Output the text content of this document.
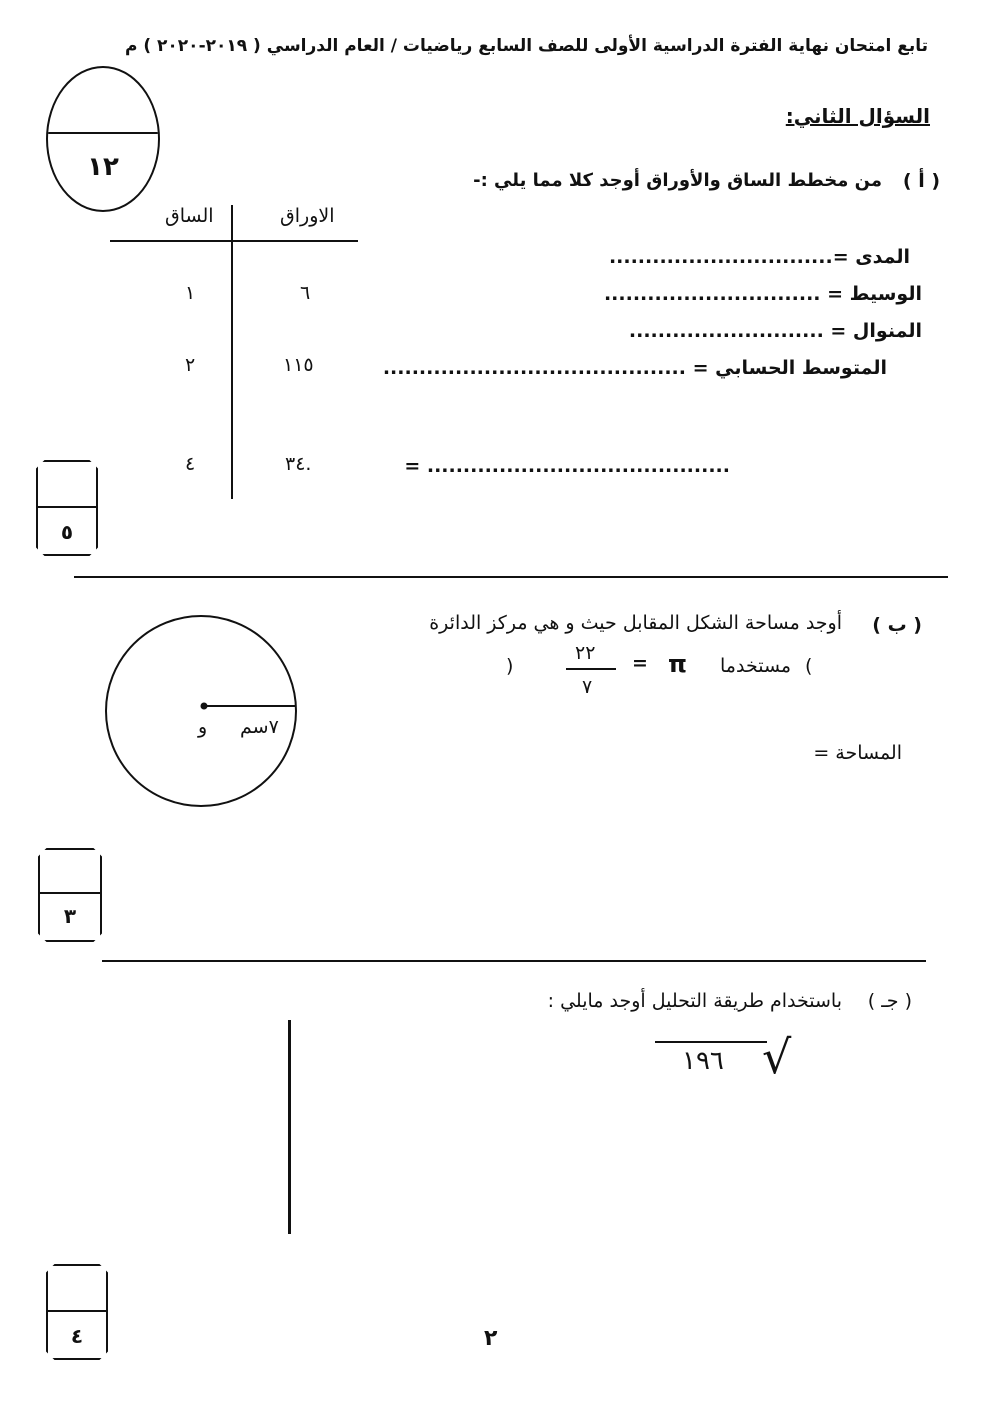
تابع امتحان نهاية الفترة الدراسية الأولى للصف السابع رياضيات / العام الدراسي ( ٢٠١٩-٢٠٢٠ ) م
١٢
السؤال الثاني:
( أ )
من مخطط الساق والأوراق أوجد كلا مما يلي :-
الاوراق
الساق
١	٦
٢	١١٥
٤	٣٤.
المدى =...............................
الوسيط = ..............................
المنوال = ...........................
المتوسط الحسابي = ..........................................
= ..........................................
٥
( ب )
أوجد مساحة الشكل المقابل حيث و هي مركز الدائرة
)
٢٢
٧
= π مستخدما (
و ٧سم
المساحة =
٣
( جـ )
باستخدام طريقة التحليل أوجد مايلي :
١٩٦ √
٤	٢
